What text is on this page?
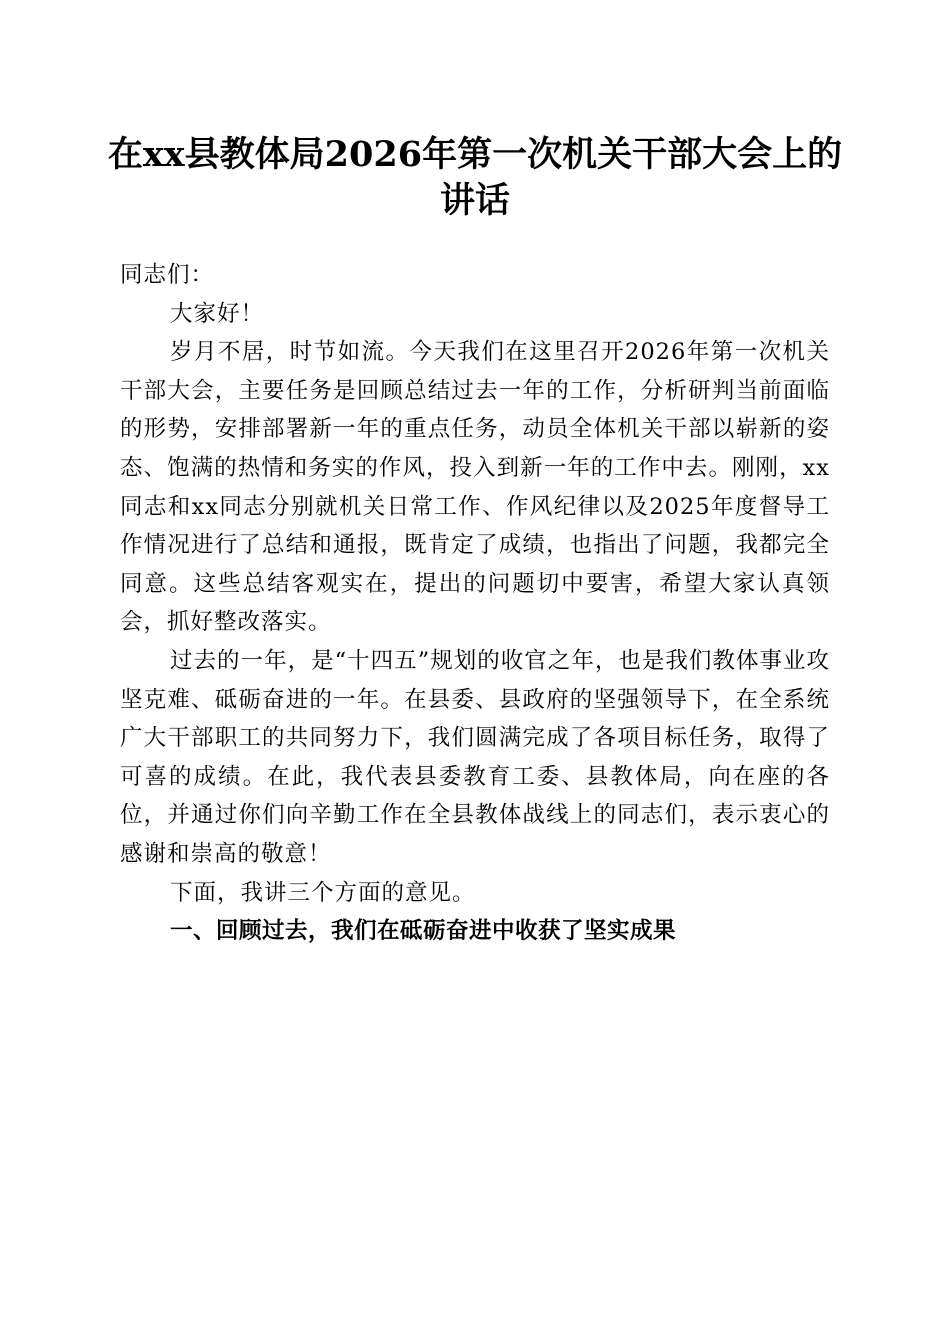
在xx县教体局2026年第一次机关干部大会上的讲话

同志们：

大家好！

岁月不居，时节如流。今天我们在这里召开2026年第一次机关干部大会，主要任务是回顾总结过去一年的工作，分析研判当前面临的形势，安排部署新一年的重点任务，动员全体机关干部以崭新的姿态、饱满的热情和务实的作风，投入到新一年的工作中去。刚刚，xx同志和xx同志分别就机关日常工作、作风纪律以及2025年度督导工作情况进行了总结和通报，既肯定了成绩，也指出了问题，我都完全同意。这些总结客观实在，提出的问题切中要害，希望大家认真领会，抓好整改落实。

过去的一年，是“十四五”规划的收官之年，也是我们教体事业攻坚克难、砥砺奋进的一年。在县委、县政府的坚强领导下，在全系统广大干部职工的共同努力下，我们圆满完成了各项目标任务，取得了可喜的成绩。在此，我代表县委教育工委、县教体局，向在座的各位，并通过你们向辛勤工作在全县教体战线上的同志们，表示衷心的感谢和崇高的敬意！

下面，我讲三个方面的意见。

一、回顾过去，我们在砥砺奋进中收获了坚实成果
